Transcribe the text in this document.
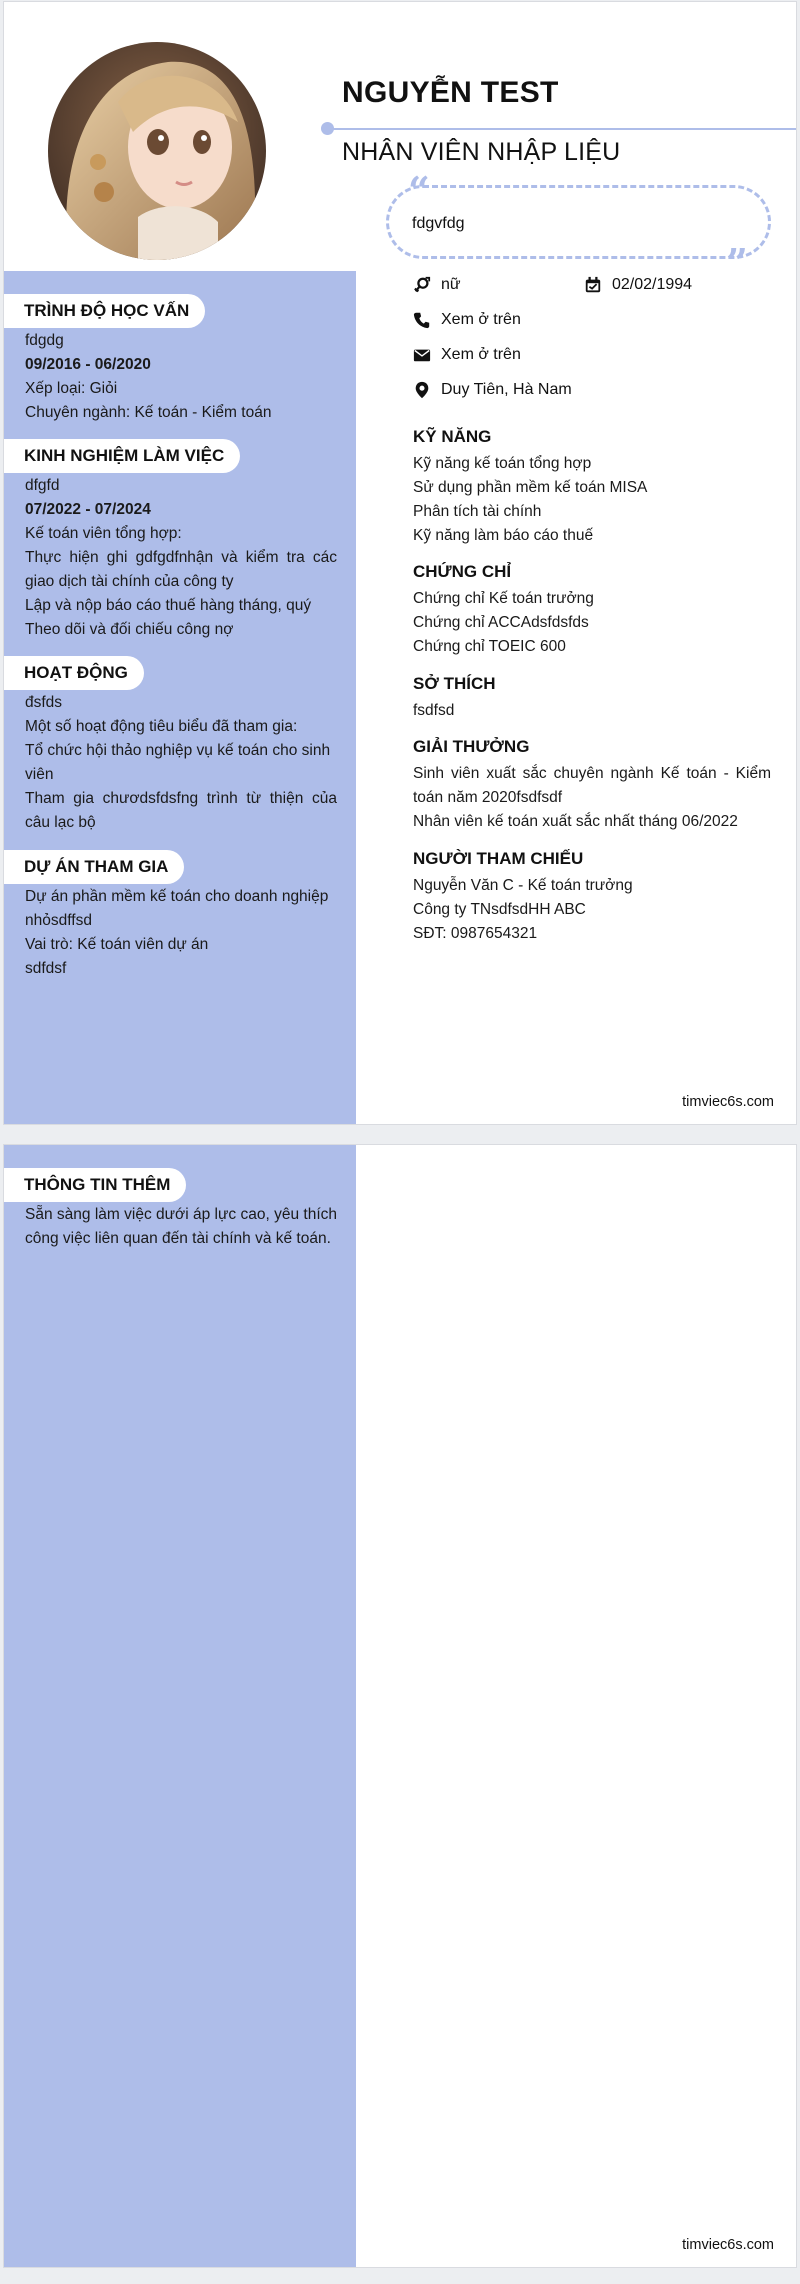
NGUYỄN TEST
NHÂN VIÊN NHẬP LIỆU
“
”
fdgvfdg
nữ	02/02/1994
Xem ở trên
Xem ở trên
Duy Tiên, Hà Nam
TRÌNH ĐỘ HỌC VẤN
fdgdg
09/2016 - 06/2020
Xếp loại: Giỏi
Chuyên ngành: Kế toán - Kiểm toán
KINH NGHIỆM LÀM VIỆC
dfgfd
07/2022 - 07/2024
Kế toán viên tổng hợp:
Thực hiện ghi gdfgdfnhận và kiểm tra các giao dịch tài chính của công ty
Lập và nộp báo cáo thuế hàng tháng, quý
Theo dõi và đối chiếu công nợ
HOẠT ĐỘNG
đsfds
Một số hoạt động tiêu biểu đã tham gia:
Tổ chức hội thảo nghiệp vụ kế toán cho sinh viên
Tham gia chươdsfdsfng trình từ thiện của câu lạc bộ
DỰ ÁN THAM GIA
Dự án phần mềm kế toán cho doanh nghiệp nhỏsdffsd
Vai trò: Kế toán viên dự án
sdfdsf
KỸ NĂNG
Kỹ năng kế toán tổng hợp
Sử dụng phần mềm kế toán MISA
Phân tích tài chính
Kỹ năng làm báo cáo thuế
CHỨNG CHỈ
Chứng chỉ Kế toán trưởng
Chứng chỉ ACCAdsfdsfds
Chứng chỉ TOEIC 600
SỞ THÍCH
fsdfsd
GIẢI THƯỞNG
Sinh viên xuất sắc chuyên ngành Kế toán - Kiểm toán năm 2020fsdfsdf
Nhân viên kế toán xuất sắc nhất tháng 06/2022
NGƯỜI THAM CHIẾU
Nguyễn Văn C - Kế toán trưởng
Công ty TNsdfsdHH ABC
SĐT: 0987654321
timviec6s.com
THÔNG TIN THÊM
Sẵn sàng làm việc dưới áp lực cao, yêu thích công việc liên quan đến tài chính và kế toán.
timviec6s.com
